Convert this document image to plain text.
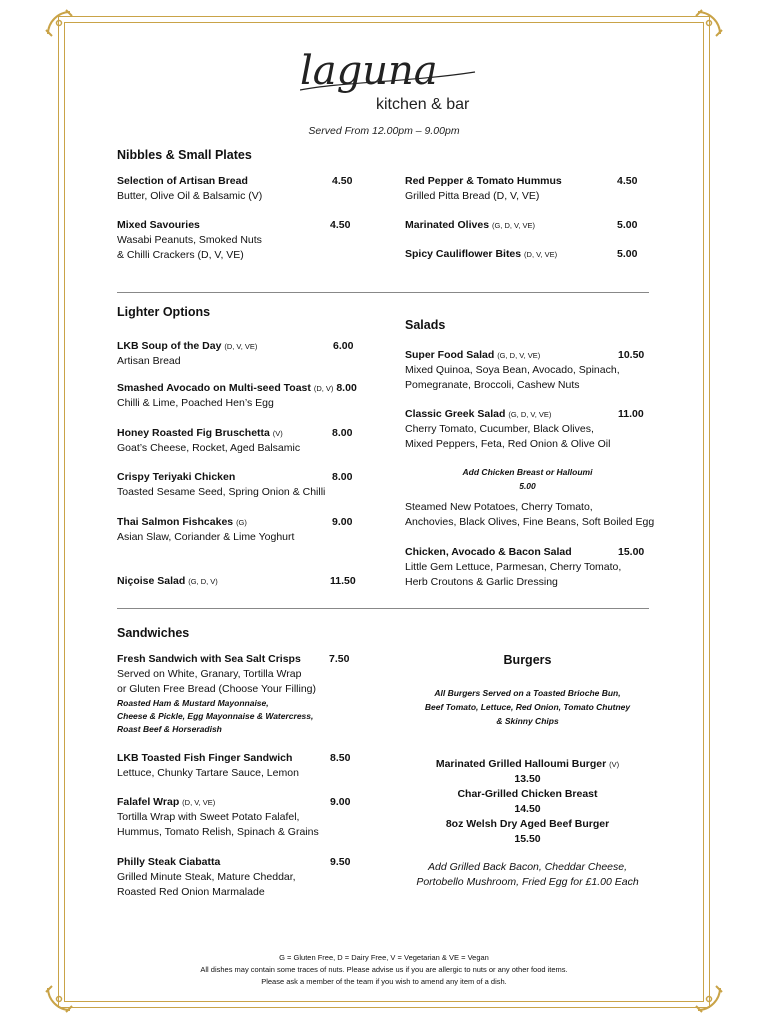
laguna
kitchen & bar
Served From 12.00pm – 9.00pm
Nibbles & Small Plates
Selection of Artisan Bread	4.50
Butter, Olive Oil & Balsamic (V)
Red Pepper & Tomato Hummus	4.50
Grilled Pitta Bread (D, V, VE)
Mixed Savouries	4.50
Wasabi Peanuts, Smoked Nuts
& Chilli Crackers (D, V, VE)
Marinated Olives (G, D, V, VE)	5.00
Spicy Cauliflower Bites (D, V, VE)	5.00
Lighter Options
LKB Soup of the Day (D, V, VE)	6.00
Artisan Bread
Smashed Avocado on Multi-seed Toast (D, V) 8.00
Chilli & Lime, Poached Hen’s Egg
Honey Roasted Fig Bruschetta (V)	8.00
Goat’s Cheese, Rocket, Aged Balsamic
Crispy Teriyaki Chicken	8.00
Toasted Sesame Seed, Spring Onion & Chilli
Thai Salmon Fishcakes (G)	9.00
Asian Slaw, Coriander & Lime Yoghurt
Niçoise Salad (G, D, V)	11.50
Salads
Super Food Salad (G, D, V, VE)	10.50
Mixed Quinoa, Soya Bean, Avocado, Spinach,
Pomegranate, Broccoli, Cashew Nuts
Classic Greek Salad (G, D, V, VE)	11.00
Cherry Tomato, Cucumber, Black Olives,
Mixed Peppers, Feta, Red Onion & Olive Oil
Add Chicken Breast or Halloumi
5.00
Steamed New Potatoes, Cherry Tomato,
Anchovies, Black Olives, Fine Beans, Soft Boiled Egg
Chicken, Avocado & Bacon Salad	15.00
Little Gem Lettuce, Parmesan, Cherry Tomato,
Herb Croutons & Garlic Dressing
Sandwiches
Fresh Sandwich with Sea Salt Crisps	7.50
Served on White, Granary, Tortilla Wrap
or Gluten Free Bread (Choose Your Filling)
Roasted Ham & Mustard Mayonnaise,
Cheese & Pickle, Egg Mayonnaise & Watercress,
Roast Beef & Horseradish
LKB Toasted Fish Finger Sandwich	8.50
Lettuce, Chunky Tartare Sauce, Lemon
Falafel Wrap (D, V, VE)	9.00
Tortilla Wrap with Sweet Potato Falafel,
Hummus, Tomato Relish, Spinach & Grains
Philly Steak Ciabatta	9.50
Grilled Minute Steak, Mature Cheddar,
Roasted Red Onion Marmalade
Burgers
All Burgers Served on a Toasted Brioche Bun,
Beef Tomato, Lettuce, Red Onion, Tomato Chutney
& Skinny Chips
Marinated Grilled Halloumi Burger (V)
13.50
Char-Grilled Chicken Breast
14.50
8oz Welsh Dry Aged Beef Burger
15.50
Add Grilled Back Bacon, Cheddar Cheese,
Portobello Mushroom, Fried Egg for £1.00 Each
G = Gluten Free, D = Dairy Free, V = Vegetarian & VE = Vegan
All dishes may contain some traces of nuts. Please advise us if you are allergic to nuts or any other food items.
Please ask a member of the team if you wish to amend any item of a dish.
